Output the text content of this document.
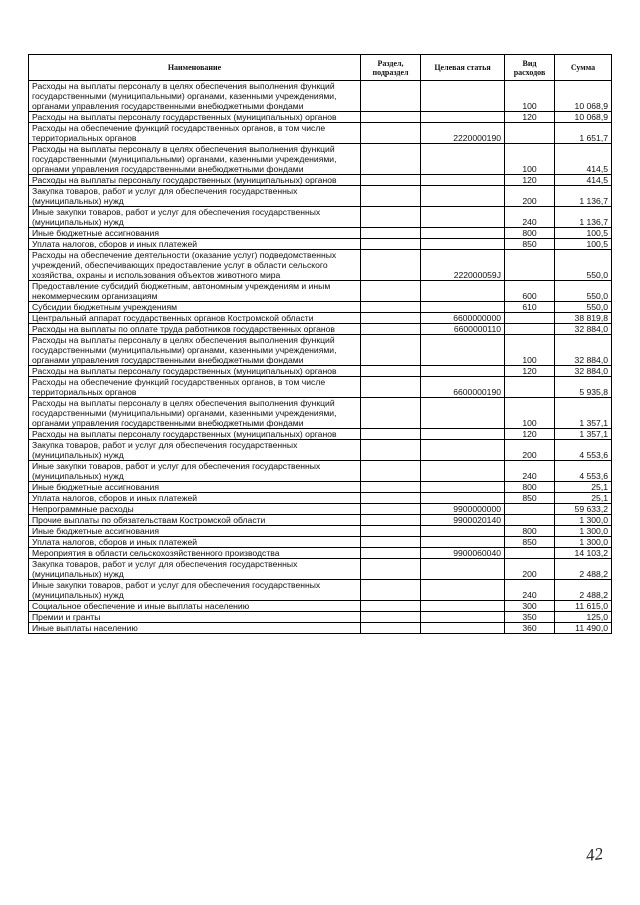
Наименование	Раздел, подраздел	Целевая статья	Вид расходов	Сумма
Расходы на выплаты персоналу в целях обеспечения выполнения функций государственными (муниципальными) органами, казенными учреждениями, органами управления государственными внебюджетными фондами			100	10 068,9
Расходы на выплаты персоналу государственных (муниципальных) органов			120	10 068,9
Расходы на обеспечение функций государственных органов, в том числе территориальных органов		2220000190		1 651,7
Расходы на выплаты персоналу в целях обеспечения выполнения функций государственными (муниципальными) органами, казенными учреждениями, органами управления государственными внебюджетными фондами			100	414,5
Расходы на выплаты персоналу государственных (муниципальных) органов			120	414,5
Закупка товаров, работ и услуг для обеспечения государственных (муниципальных) нужд			200	1 136,7
Иные закупки товаров, работ и услуг для обеспечения государственных (муниципальных) нужд			240	1 136,7
Иные бюджетные ассигнования			800	100,5
Уплата налогов, сборов и иных платежей			850	100,5
Расходы на обеспечение деятельности (оказание услуг) подведомственных учреждений, обеспечивающих предоставление услуг в области сельского хозяйства, охраны и использования объектов животного мира		222000059J		550,0
Предоставление субсидий бюджетным, автономным учреждениям и иным некоммерческим организациям			600	550,0
Субсидии бюджетным учреждениям			610	550,0
Центральный аппарат государственных органов Костромской области		6600000000		38 819,8
Расходы на выплаты по оплате труда работников государственных органов		6600000110		32 884,0
Расходы на выплаты персоналу в целях обеспечения выполнения функций государственными (муниципальными) органами, казенными учреждениями, органами управления государственными внебюджетными фондами			100	32 884,0
Расходы на выплаты персоналу государственных (муниципальных) органов			120	32 884,0
Расходы на обеспечение функций государственных органов, в том числе территориальных органов		6600000190		5 935,8
Расходы на выплаты персоналу в целях обеспечения выполнения функций государственными (муниципальными) органами, казенными учреждениями, органами управления государственными внебюджетными фондами			100	1 357,1
Расходы на выплаты персоналу государственных (муниципальных) органов			120	1 357,1
Закупка товаров, работ и услуг для обеспечения государственных (муниципальных) нужд			200	4 553,6
Иные закупки товаров, работ и услуг для обеспечения государственных (муниципальных) нужд			240	4 553,6
Иные бюджетные ассигнования			800	25,1
Уплата налогов, сборов и иных платежей			850	25,1
Непрограммные расходы		9900000000		59 633,2
Прочие выплаты по обязательствам Костромской области		9900020140		1 300,0
Иные бюджетные ассигнования			800	1 300,0
Уплата налогов, сборов и иных платежей			850	1 300,0
Мероприятия в области сельскохозяйственного производства		9900060040		14 103,2
Закупка товаров, работ и услуг для обеспечения государственных (муниципальных) нужд			200	2 488,2
Иные закупки товаров, работ и услуг для обеспечения государственных (муниципальных) нужд			240	2 488,2
Социальное обеспечение и иные выплаты населению			300	11 615,0
Премии и гранты			350	125,0
Иные выплаты населению			360	11 490,0
42
